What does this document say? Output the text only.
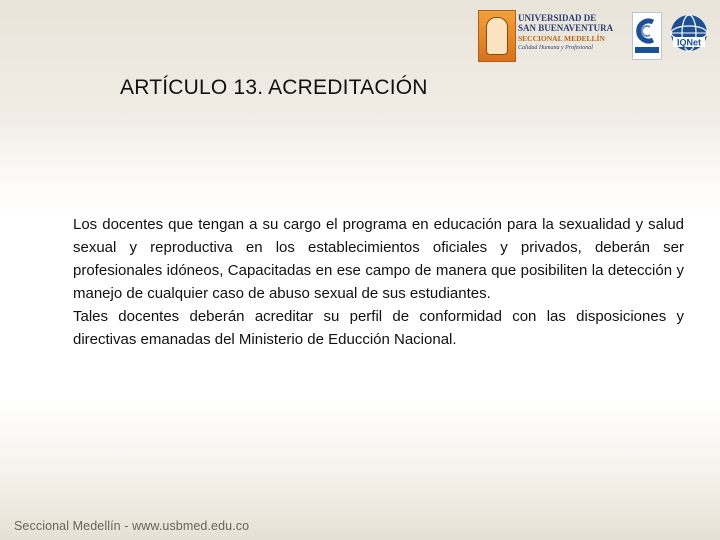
UNIVERSIDAD DE
SAN BUENAVENTURA
SECCIONAL MEDELLÍN
Calidad Humana y Profesional
IQNet
ARTÍCULO 13. ACREDITACIÓN

Los docentes que tengan a su cargo el programa en educación para la sexualidad y salud sexual y reproductiva en los establecimientos oficiales y privados, deberán ser profesionales idóneos, Capacitadas en ese campo de manera que posibiliten la detección y manejo de cualquier caso de abuso sexual de sus estudiantes.

Tales docentes deberán acreditar su perfil de conformidad con las disposiciones y directivas emanadas del Ministerio de Educción Nacional.

Seccional Medellín - www.usbmed.edu.co
